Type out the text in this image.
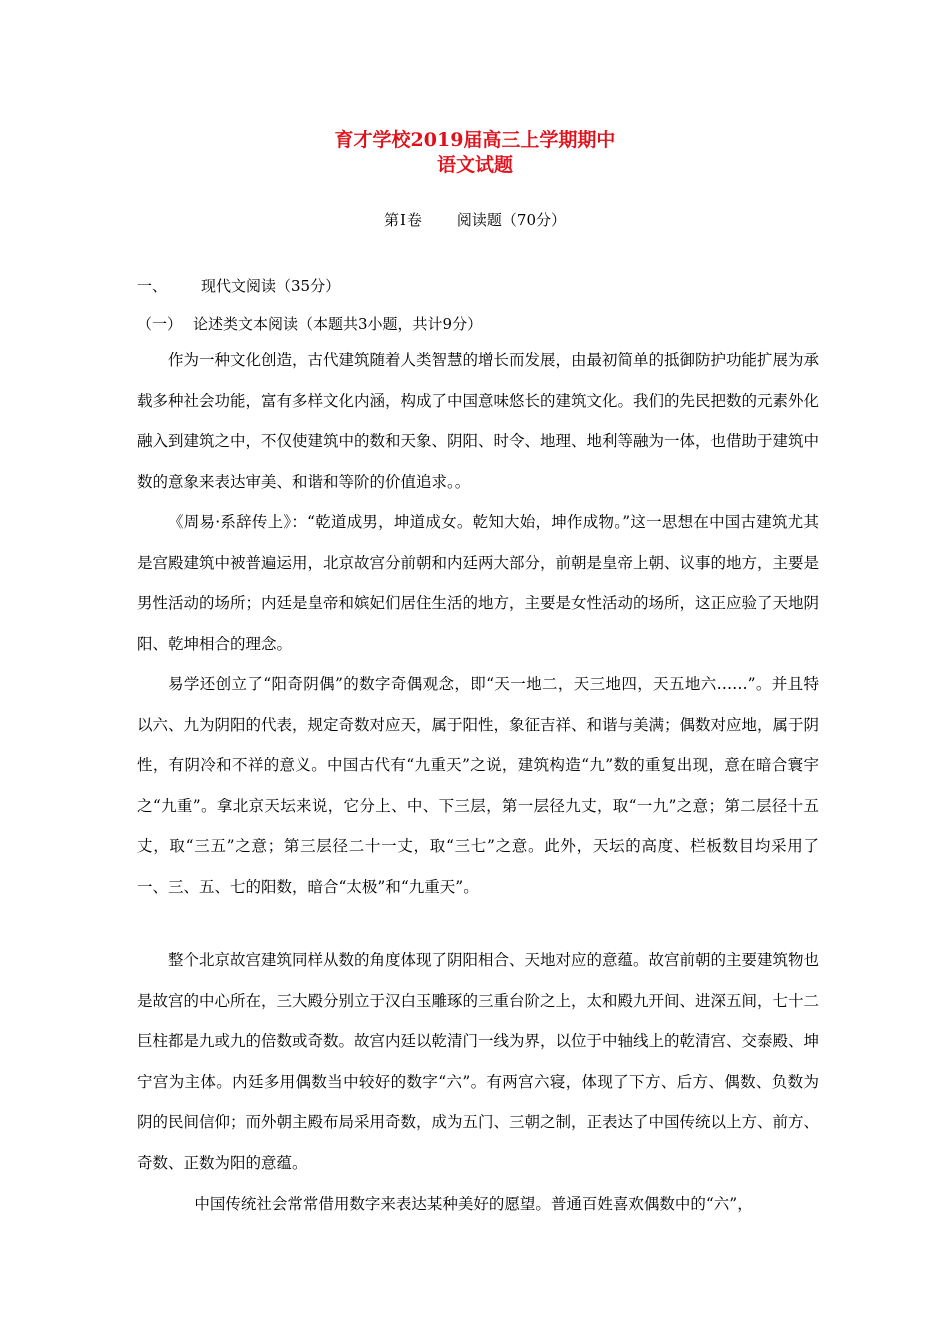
育才学校2019届高三上学期期中
语文试题
第Ⅰ卷 阅读题（70分）
一、 现代文阅读（35分）
（一） 论述类文本阅读（本题共3小题，共计9分）

作为一种文化创造，古代建筑随着人类智慧的增长而发展，由最初简单的抵御防护功能扩展为承载多种社会功能，富有多样文化内涵，构成了中国意味悠长的建筑文化。我们的先民把数的元素外化融入到建筑之中，不仅使建筑中的数和天象、阴阳、时令、地理、地利等融为一体，也借助于建筑中数的意象来表达审美、和谐和等阶的价值追求。。

《周易·系辞传上》：“乾道成男，坤道成女。乾知大始，坤作成物。”这一思想在中国古建筑尤其是宫殿建筑中被普遍运用，北京故宫分前朝和内廷两大部分，前朝是皇帝上朝、议事的地方，主要是男性活动的场所；内廷是皇帝和嫔妃们居住生活的地方，主要是女性活动的场所，这正应验了天地阴阳、乾坤相合的理念。

易学还创立了“阳奇阴偶”的数字奇偶观念，即“天一地二，天三地四，天五地六……”。并且特以六、九为阴阳的代表，规定奇数对应天，属于阳性，象征吉祥、和谐与美满；偶数对应地，属于阴性，有阴冷和不祥的意义。中国古代有“九重天”之说，建筑构造“九”数的重复出现，意在暗合寰宇之“九重”。拿北京天坛来说，它分上、中、下三层，第一层径九丈，取“一九”之意；第二层径十五丈，取“三五”之意；第三层径二十一丈，取“三七”之意。此外，天坛的高度、栏板数目均采用了一、三、五、七的阳数，暗合“太极”和“九重天”。

整个北京故宫建筑同样从数的角度体现了阴阳相合、天地对应的意蕴。故宫前朝的主要建筑物也是故宫的中心所在，三大殿分别立于汉白玉雕琢的三重台阶之上，太和殿九开间、进深五间，七十二巨柱都是九或九的倍数或奇数。故宫内廷以乾清门一线为界，以位于中轴线上的乾清宫、交泰殿、坤宁宫为主体。内廷多用偶数当中较好的数字“六”。有两宫六寝，体现了下方、后方、偶数、负数为阴的民间信仰；而外朝主殿布局采用奇数，成为五门、三朝之制，正表达了中国传统以上方、前方、奇数、正数为阳的意蕴。

中国传统社会常常借用数字来表达某种美好的愿望。普通百姓喜欢偶数中的“六”，
